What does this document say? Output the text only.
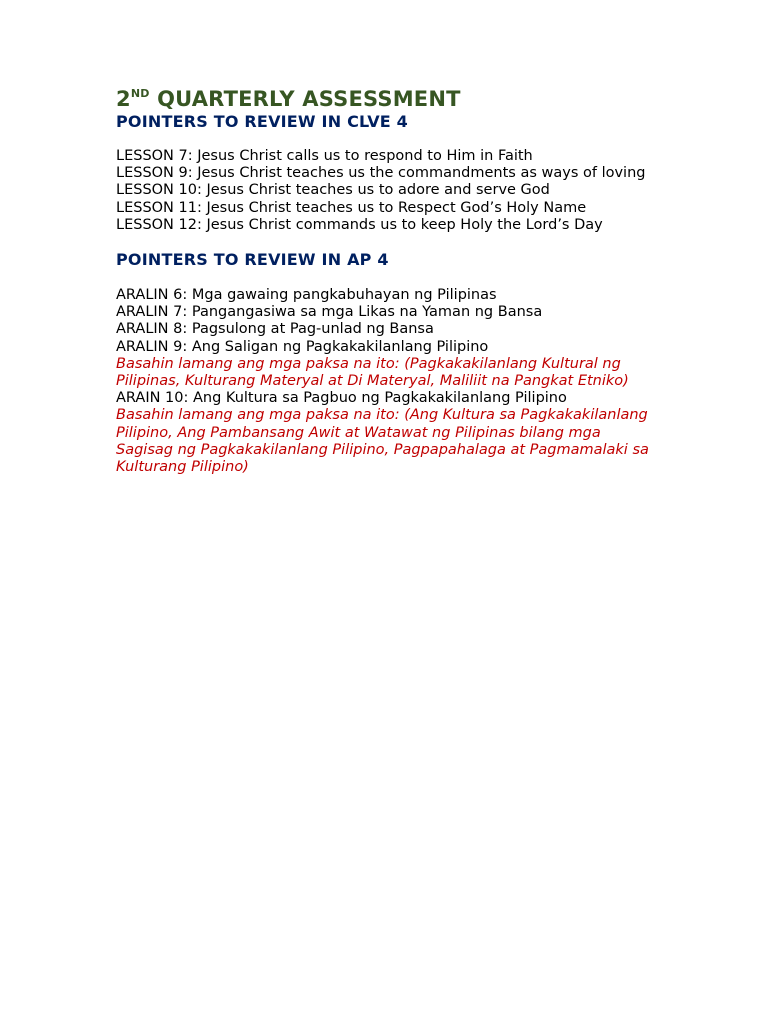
2ND QUARTERLY ASSESSMENT
POINTERS TO REVIEW IN CLVE 4
LESSON 7: Jesus Christ calls us to respond to Him in Faith
LESSON 9: Jesus Christ teaches us the commandments as ways of loving
LESSON 10: Jesus Christ teaches us to adore and serve God
LESSON 11: Jesus Christ teaches us to Respect God’s Holy Name
LESSON 12: Jesus Christ commands us to keep Holy the Lord’s Day
POINTERS TO REVIEW IN AP 4
ARALIN 6: Mga gawaing pangkabuhayan ng Pilipinas
ARALIN 7: Pangangasiwa sa mga Likas na Yaman ng Bansa
ARALIN 8: Pagsulong at Pag-unlad ng Bansa
ARALIN 9: Ang Saligan ng Pagkakakilanlang Pilipino
Basahin lamang ang mga paksa na ito: (Pagkakakilanlang Kultural ng Pilipinas, Kulturang Materyal at Di Materyal, Maliliit na Pangkat Etniko)
ARAIN 10: Ang Kultura sa Pagbuo ng Pagkakakilanlang Pilipino
Basahin lamang ang mga paksa na ito: (Ang Kultura sa Pagkakakilanlang Pilipino, Ang Pambansang Awit at Watawat ng Pilipinas bilang mga Sagisag ng Pagkakakilanlang Pilipino, Pagpapahalaga at Pagmamalaki sa Kulturang Pilipino)
